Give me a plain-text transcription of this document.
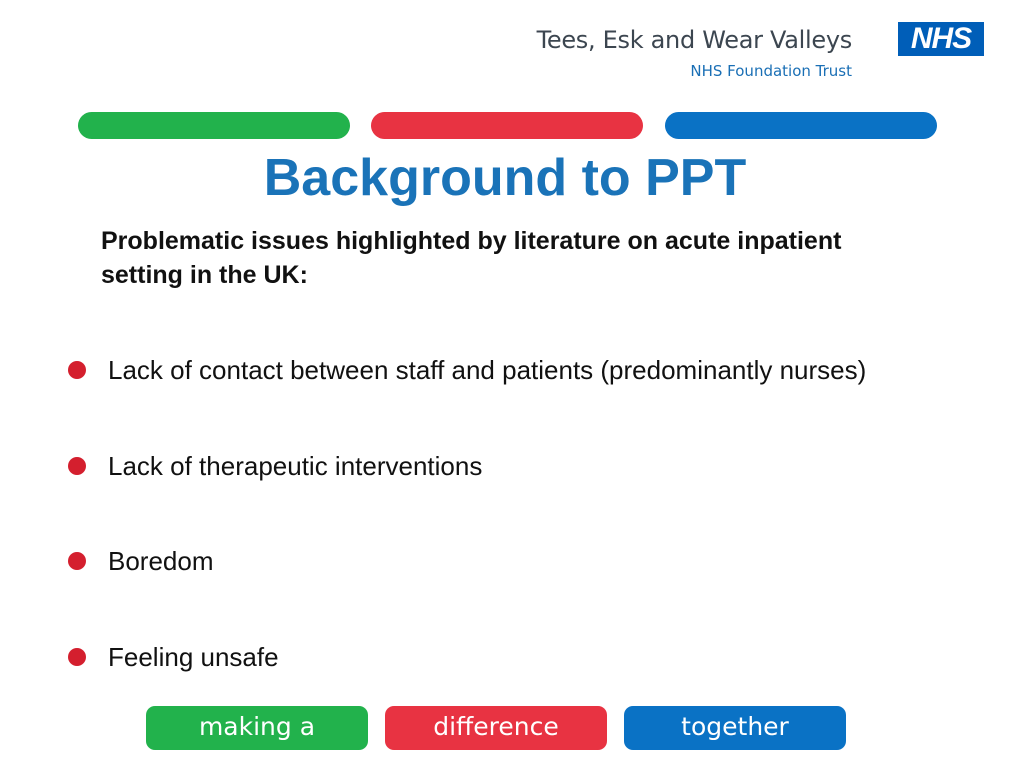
Tees, Esk and Wear Valleys
NHS Foundation Trust
NHS
Background to PPT
Problematic issues highlighted by literature on acute inpatient setting in the UK:
Lack of contact between staff and patients (predominantly nurses)
Lack of therapeutic interventions
Boredom
Feeling unsafe
making a	difference	together
